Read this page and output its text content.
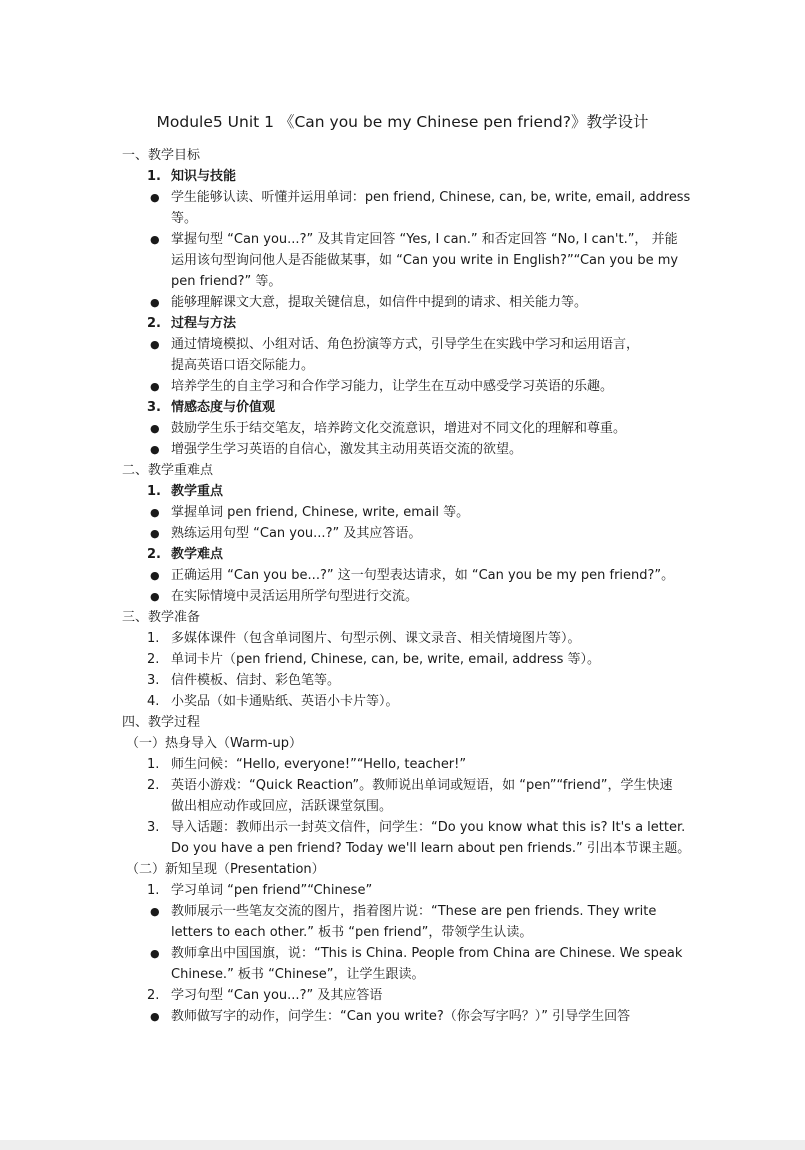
Module5 Unit 1 《Can you be my Chinese pen friend?》教学设计
一、教学目标
1. 知识与技能
● 学生能够认读、听懂并运用单词：pen friend, Chinese, can, be, write, email, address
等。
● 掌握句型 “Can you...?” 及其肯定回答 “Yes, I can.” 和否定回答 “No, I can't.”， 并能
运用该句型询问他人是否能做某事，如 “Can you write in English?”“Can you be my
pen friend?” 等。
● 能够理解课文大意，提取关键信息，如信件中提到的请求、相关能力等。
2. 过程与方法
● 通过情境模拟、小组对话、角色扮演等方式，引导学生在实践中学习和运用语言，
提高英语口语交际能力。
● 培养学生的自主学习和合作学习能力，让学生在互动中感受学习英语的乐趣。
3. 情感态度与价值观
● 鼓励学生乐于结交笔友，培养跨文化交流意识，增进对不同文化的理解和尊重。
● 增强学生学习英语的自信心，激发其主动用英语交流的欲望。
二、教学重难点
1. 教学重点
● 掌握单词 pen friend, Chinese, write, email 等。
● 熟练运用句型 “Can you...?” 及其应答语。
2. 教学难点
● 正确运用 “Can you be...?” 这一句型表达请求，如 “Can you be my pen friend?”。
● 在实际情境中灵活运用所学句型进行交流。
三、教学准备
1. 多媒体课件（包含单词图片、句型示例、课文录音、相关情境图片等）。
2. 单词卡片（pen friend, Chinese, can, be, write, email, address 等）。
3. 信件模板、信封、彩色笔等。
4. 小奖品（如卡通贴纸、英语小卡片等）。
四、教学过程
（一）热身导入（Warm-up）
1. 师生问候：“Hello, everyone!”“Hello, teacher!”
2. 英语小游戏：“Quick Reaction”。教师说出单词或短语，如 “pen”“friend”，学生快速
做出相应动作或回应，活跃课堂氛围。
3. 导入话题：教师出示一封英文信件，问学生：“Do you know what this is? It's a letter.
Do you have a pen friend? Today we'll learn about pen friends.” 引出本节课主题。
（二）新知呈现（Presentation）
1. 学习单词 “pen friend”“Chinese”
● 教师展示一些笔友交流的图片，指着图片说：“These are pen friends. They write
letters to each other.” 板书 “pen friend”，带领学生认读。
● 教师拿出中国国旗，说：“This is China. People from China are Chinese. We speak
Chinese.” 板书 “Chinese”，让学生跟读。
2. 学习句型 “Can you...?” 及其应答语
● 教师做写字的动作，问学生：“Can you write?（你会写字吗？）” 引导学生回答
